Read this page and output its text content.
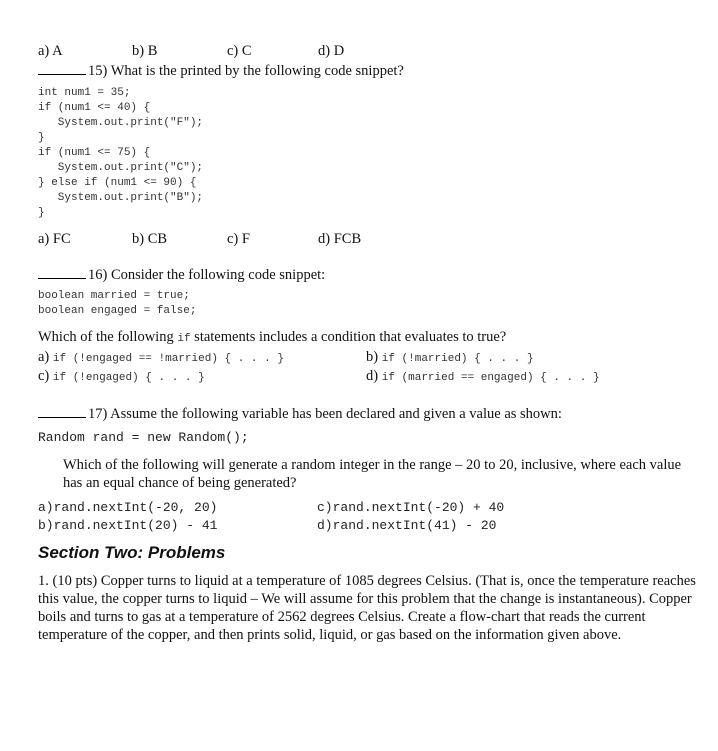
a) A	b) B	c) C	d) D
15) What is the printed by the following code snippet?
int num1 = 35;
if (num1 <= 40) {
System.out.print("F");
}
if (num1 <= 75) {
System.out.print("C");
} else if (num1 <= 90) {
System.out.print("B");
}
a) FC	b) CB	c) F	d) FCB
16) Consider the following code snippet:
boolean married = true;
boolean engaged = false;
Which of the following if statements includes a condition that evaluates to true?
a) if (!engaged == !married) { . . . }	b) if (!married) { . . . }
c) if (!engaged) { . . . }	d) if (married == engaged) { . . . }
17) Assume the following variable has been declared and given a value as shown:
Random rand = new Random();
Which of the following will generate a random integer in the range – 20 to 20, inclusive, where each value has an equal chance of being generated?
a)rand.nextInt(-20, 20)	c)rand.nextInt(-20) + 40
b)rand.nextInt(20) - 41	d)rand.nextInt(41) - 20
Section Two: Problems
1. (10 pts) Copper turns to liquid at a temperature of 1085 degrees Celsius. (That is, once the temperature reaches this value, the copper turns to liquid – We will assume for this problem that the change is instantaneous). Copper boils and turns to gas at a temperature of 2562 degrees Celsius. Create a flow-chart that reads the current temperature of the copper, and then prints solid, liquid, or gas based on the information given above.
